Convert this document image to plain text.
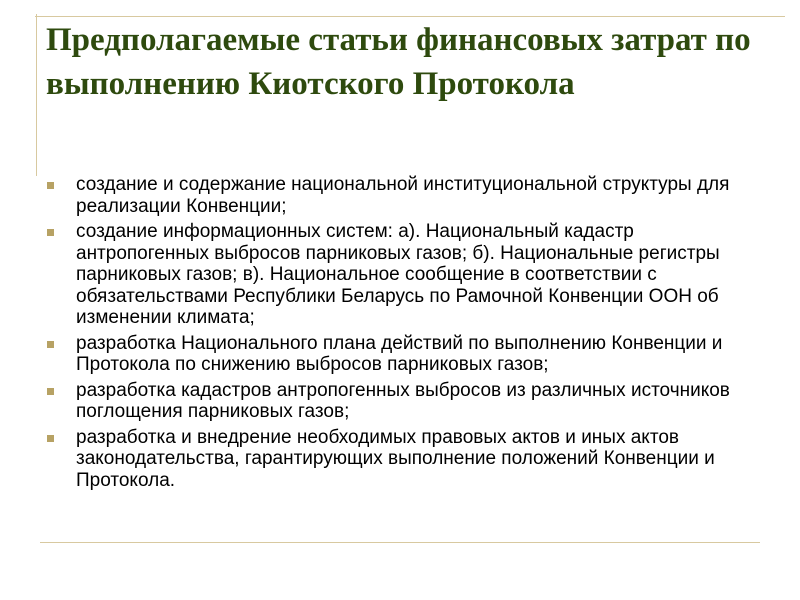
Предполагаемые статьи финансовых затрат по выполнению Киотского Протокола
создание и содержание национальной институциональной структуры для реализации Конвенции;
создание информационных систем: а). Национальный кадастр антропогенных выбросов парниковых газов; б). Национальные регистры парниковых газов; в). Национальное сообщение в соответствии с обязательствами Республики Беларусь по Рамочной Конвенции ООН об изменении климата;
разработка Национального плана действий по выполнению Конвенции и Протокола по снижению выбросов парниковых газов;
разработка кадастров антропогенных выбросов из различных источников поглощения парниковых газов;
разработка и внедрение необходимых правовых актов и иных актов законодательства, гарантирующих выполнение положений Конвенции и Протокола.
